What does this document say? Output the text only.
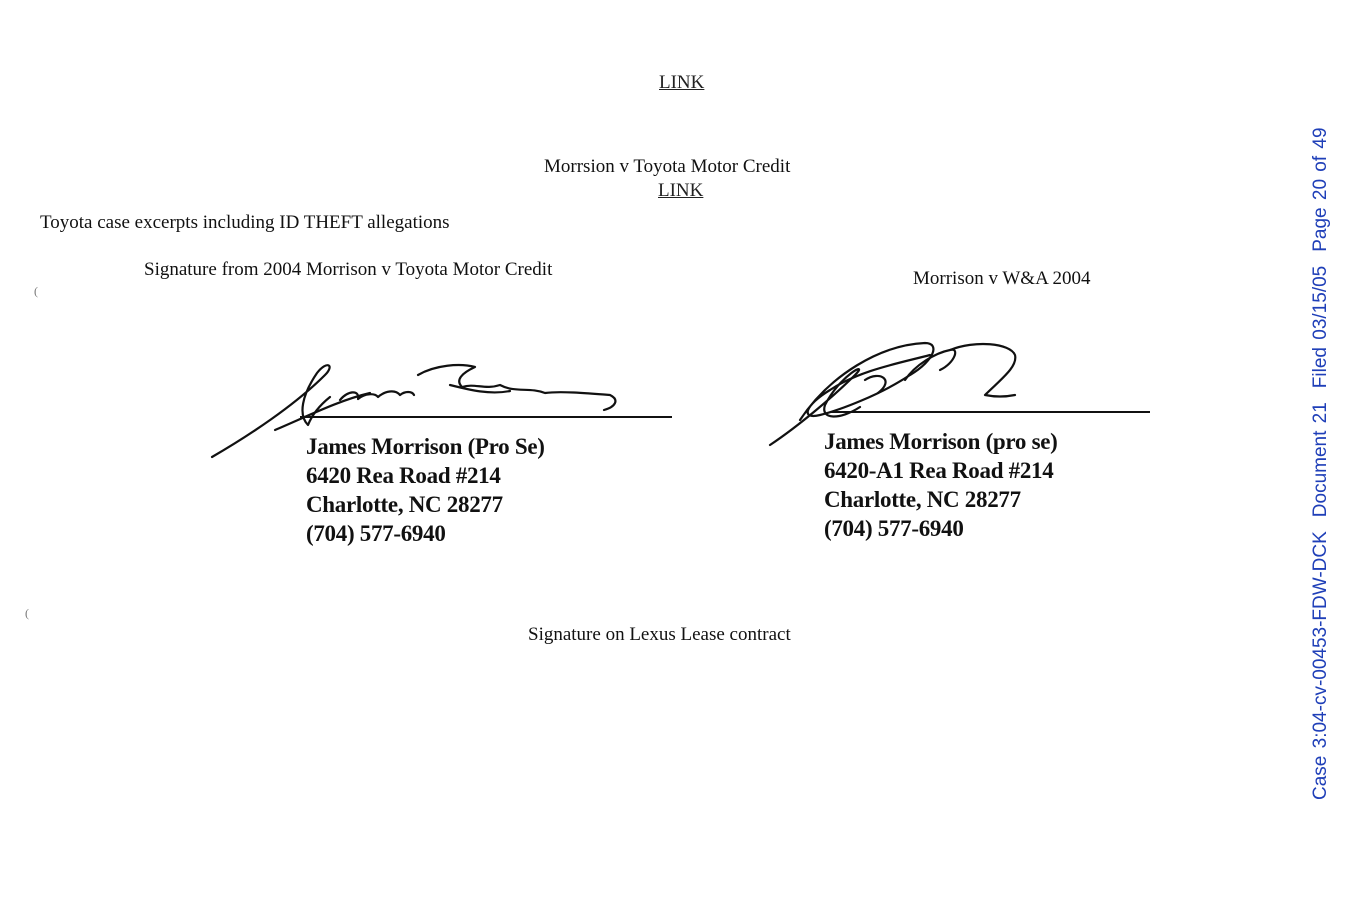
LINK
Morrsion v Toyota Motor Credit
LINK
Toyota case excerpts including ID THEFT allegations
Signature from 2004 Morrison v Toyota Motor Credit
James Morrison (Pro Se)
6420 Rea Road #214
Charlotte, NC 28277
(704) 577-6940
Morrison v W&A 2004
James Morrison (pro se)
6420-A1 Rea Road #214
Charlotte, NC 28277
(704) 577-6940
Signature on Lexus Lease contract
(
(	Case 3:04-cv-00453-FDW-DCKDocument 21Filed 03/15/05Page 20 of 49
